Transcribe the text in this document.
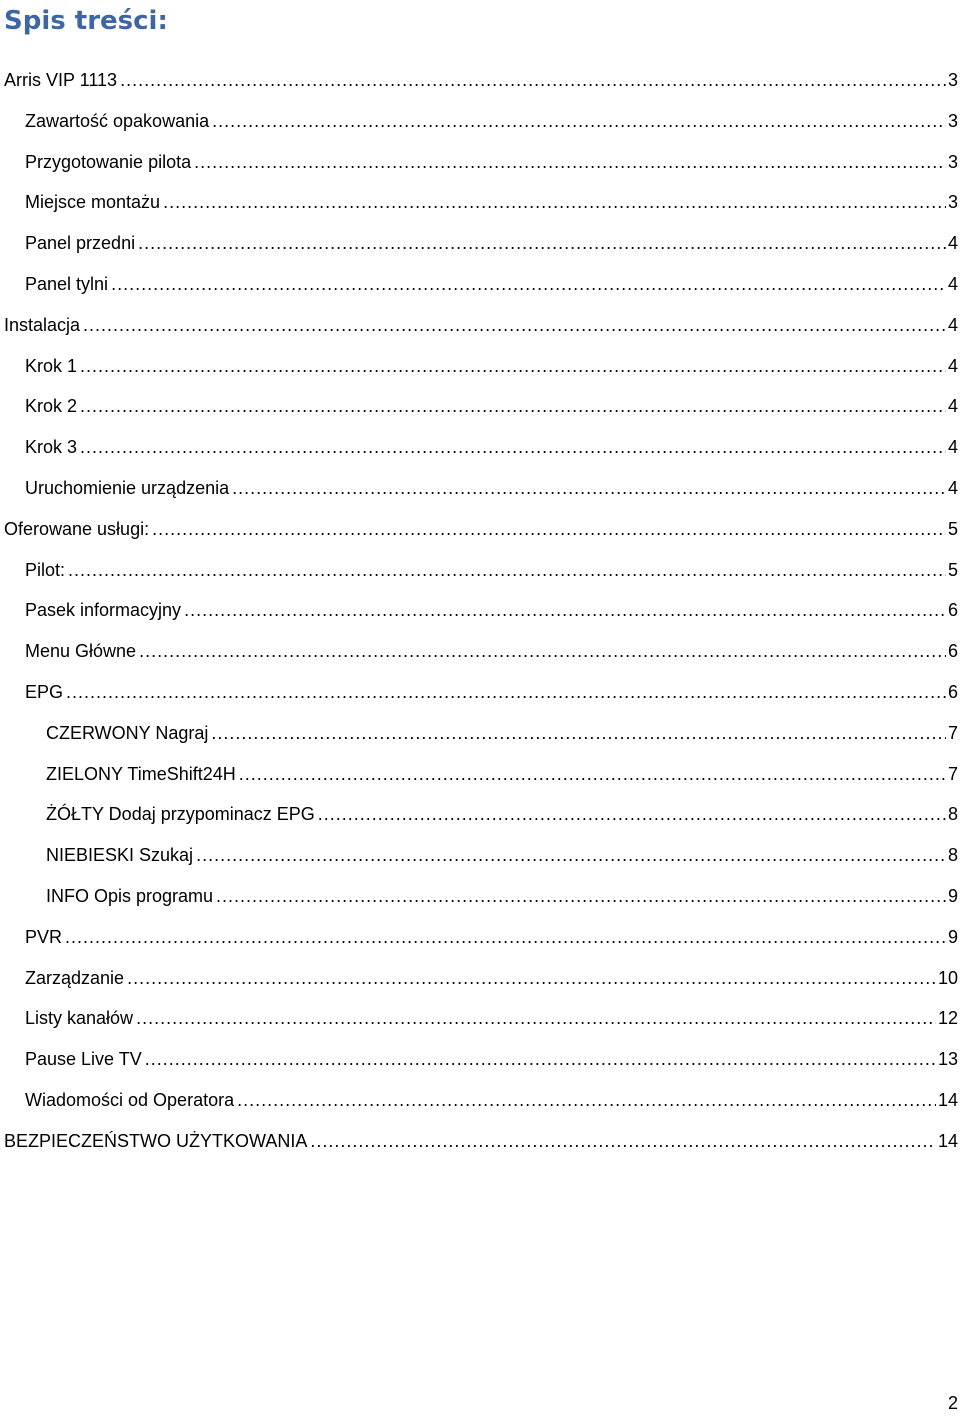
Spis treści:
Arris VIP 1113 .....	3
Zawartość opakowania .....	3
Przygotowanie pilota .....	3
Miejsce montażu .....	3
Panel przedni .....	4
Panel tylni .....	4
Instalacja .....	4
Krok 1 .....	4
Krok 2 .....	4
Krok 3 .....	4
Uruchomienie urządzenia .....	4
Oferowane usługi: .....	5
Pilot: .....	5
Pasek informacyjny .....	6
Menu Główne .....	6
EPG .....	6
CZERWONY Nagraj .....	7
ZIELONY TimeShift24H .....	7
ŻÓŁTY Dodaj przypominacz EPG .....	8
NIEBIESKI Szukaj .....	8
INFO Opis programu .....	9
PVR .....	9
Zarządzanie .....	10
Listy kanałów .....	12
Pause Live TV .....	13
Wiadomości od Operatora .....	14
BEZPIECZEŃSTWO UŻYTKOWANIA .....	14
2
